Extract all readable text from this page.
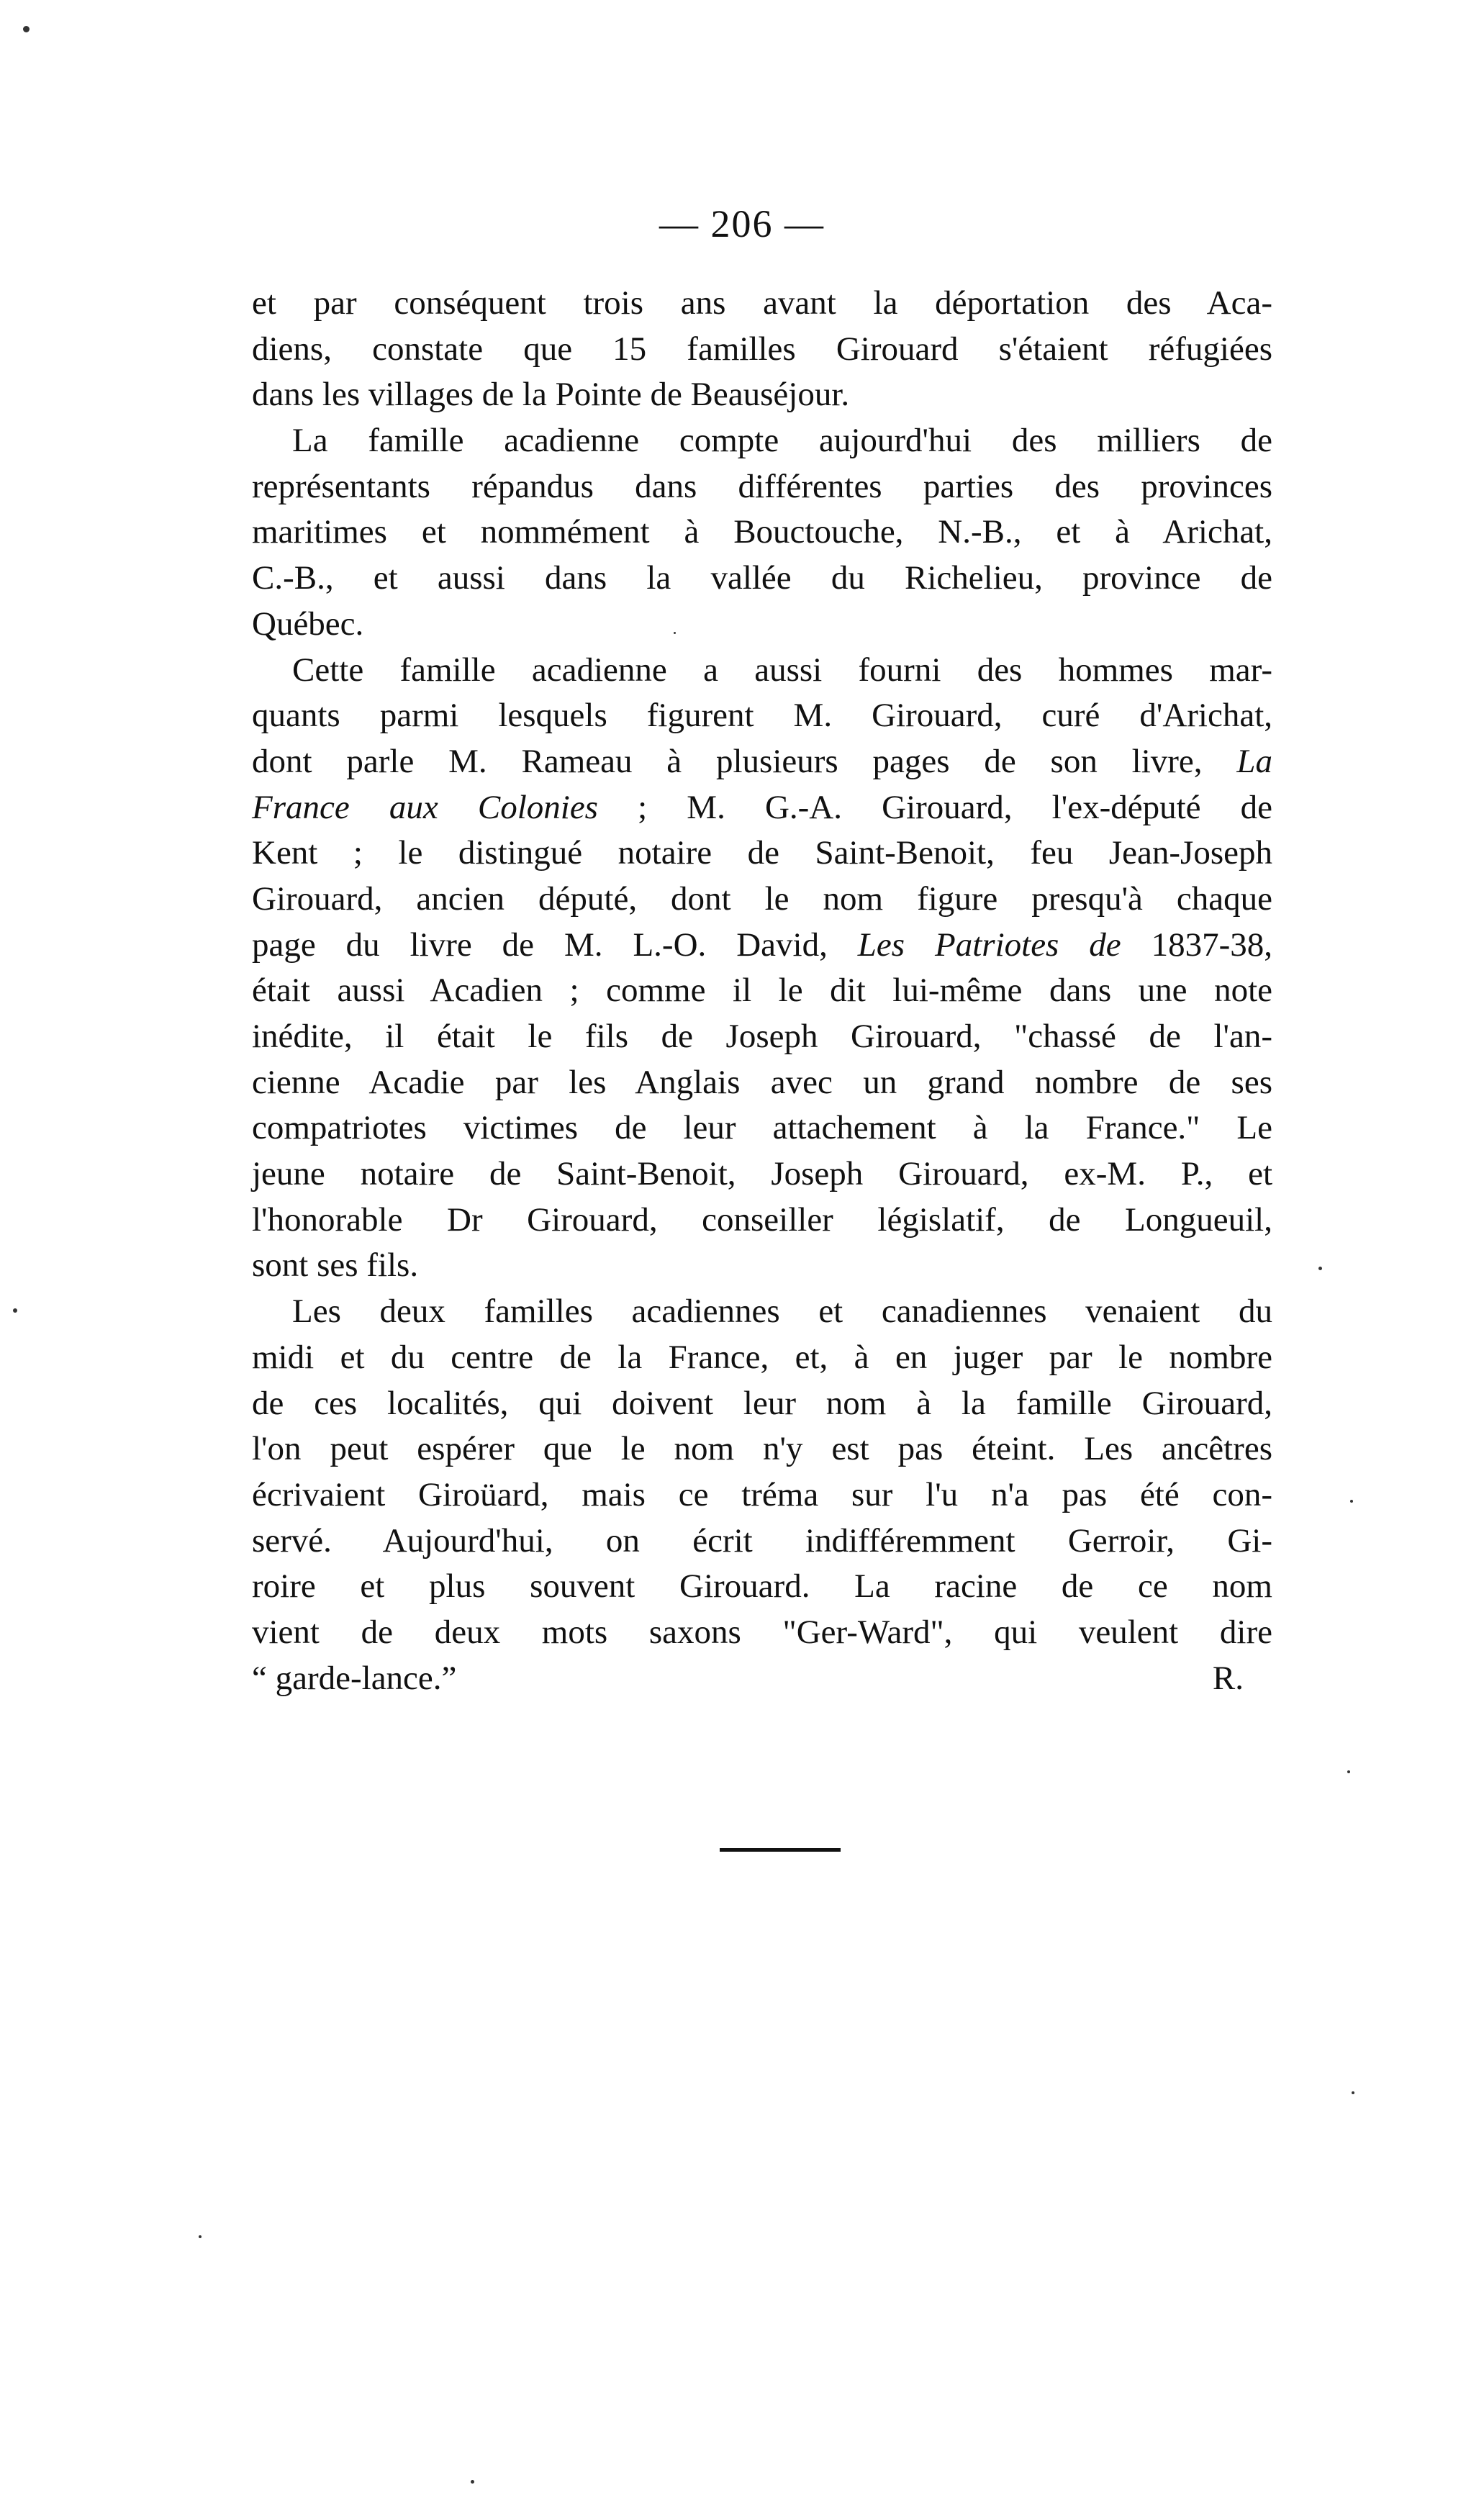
— 206 —
et par conséquent trois ans avant la déportation des Aca-
diens, constate que 15 familles Girouard s'étaient réfugiées
dans les villages de la Pointe de Beauséjour.
La famille acadienne compte aujourd'hui des milliers de
représentants répandus dans différentes parties des provinces
maritimes et nommément à Bouctouche, N.-B., et à Arichat,
C.-B., et aussi dans la vallée du Richelieu, province de
Québec.
Cette famille acadienne a aussi fourni des hommes mar-
quants parmi lesquels figurent M. Girouard, curé d'Arichat,
dont parle M. Rameau à plusieurs pages de son livre, La
France aux Colonies ; M. G.-A. Girouard, l'ex-député de
Kent ; le distingué notaire de Saint-Benoit, feu Jean-Joseph
Girouard, ancien député, dont le nom figure presqu'à chaque
page du livre de M. L.-O. David, Les Patriotes de 1837-38,
était aussi Acadien ; comme il le dit lui-même dans une note
inédite, il était le fils de Joseph Girouard, "chassé de l'an-
cienne Acadie par les Anglais avec un grand nombre de ses
compatriotes victimes de leur attachement à la France." Le
jeune notaire de Saint-Benoit, Joseph Girouard, ex-M. P., et
l'honorable Dr Girouard, conseiller législatif, de Longueuil,
sont ses fils.
Les deux familles acadiennes et canadiennes venaient du
midi et du centre de la France, et, à en juger par le nombre
de ces localités, qui doivent leur nom à la famille Girouard,
l'on peut espérer que le nom n'y est pas éteint. Les ancêtres
écrivaient Giroüard, mais ce tréma sur l'u n'a pas été con-
servé. Aujourd'hui, on écrit indifféremment Gerroir, Gi-
roire et plus souvent Girouard. La racine de ce nom
vient de deux mots saxons "Ger-Ward", qui veulent dire
“ garde-lance.”	R.
